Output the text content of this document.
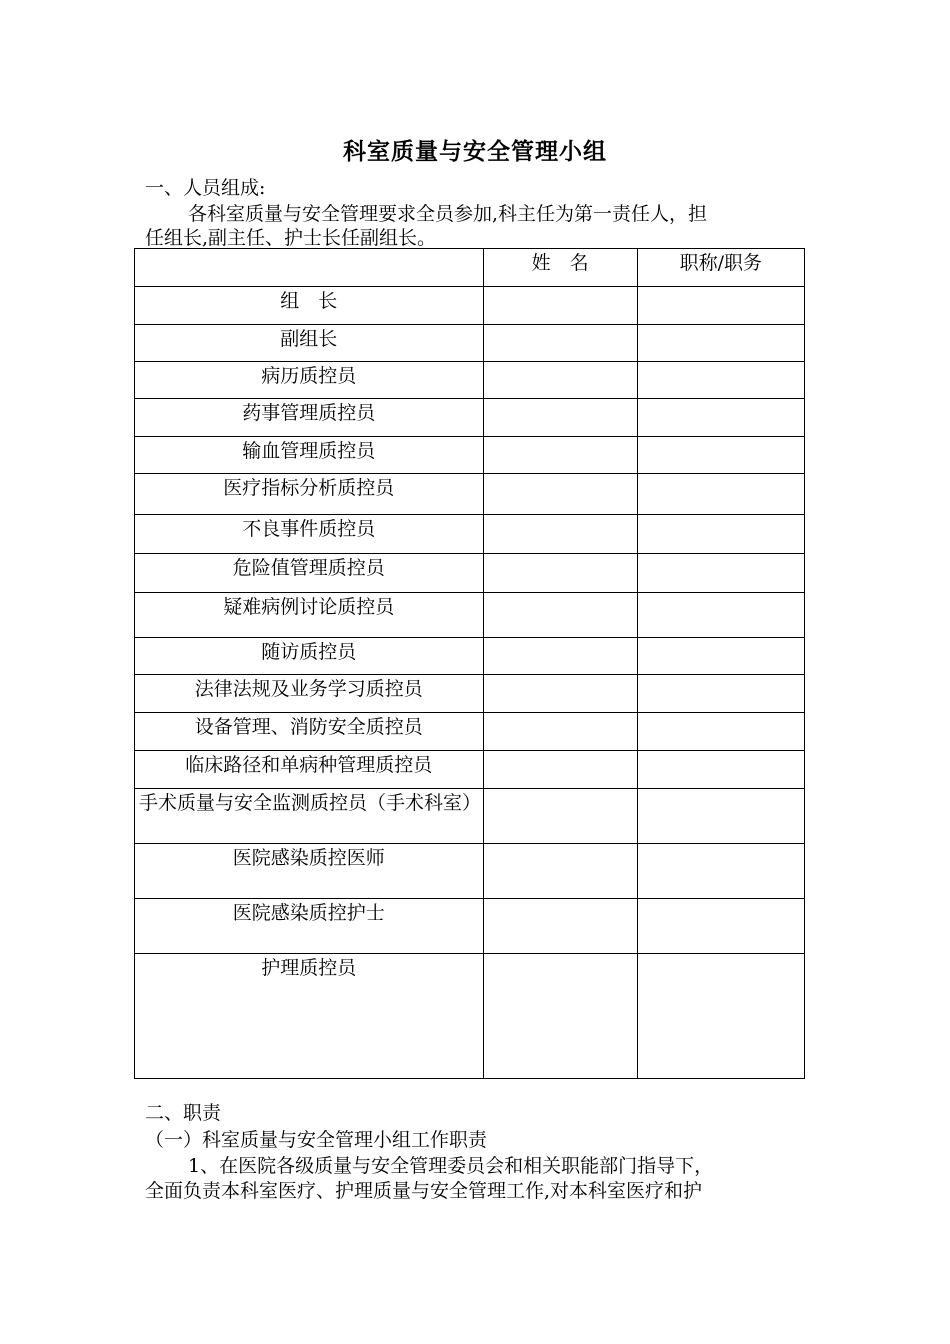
科室质量与安全管理小组
一、人员组成:
各科室质量与安全管理要求全员参加,科主任为第一责任人，担
任组长,副主任、护士长任副组长。
	姓　名	职称/职务
组　长		
副组长		
病历质控员		
药事管理质控员		
输血管理质控员		
医疗指标分析质控员		
不良事件质控员		
危险值管理质控员		
疑难病例讨论质控员		
随访质控员		
法律法规及业务学习质控员		
设备管理、消防安全质控员		
临床路径和单病种管理质控员		
手术质量与安全监测质控员（手术科室）		
医院感染质控医师		
医院感染质控护士		
护理质控员		
二、职责
（一）科室质量与安全管理小组工作职责
1、在医院各级质量与安全管理委员会和相关职能部门指导下，
全面负责本科室医疗、护理质量与安全管理工作,对本科室医疗和护
